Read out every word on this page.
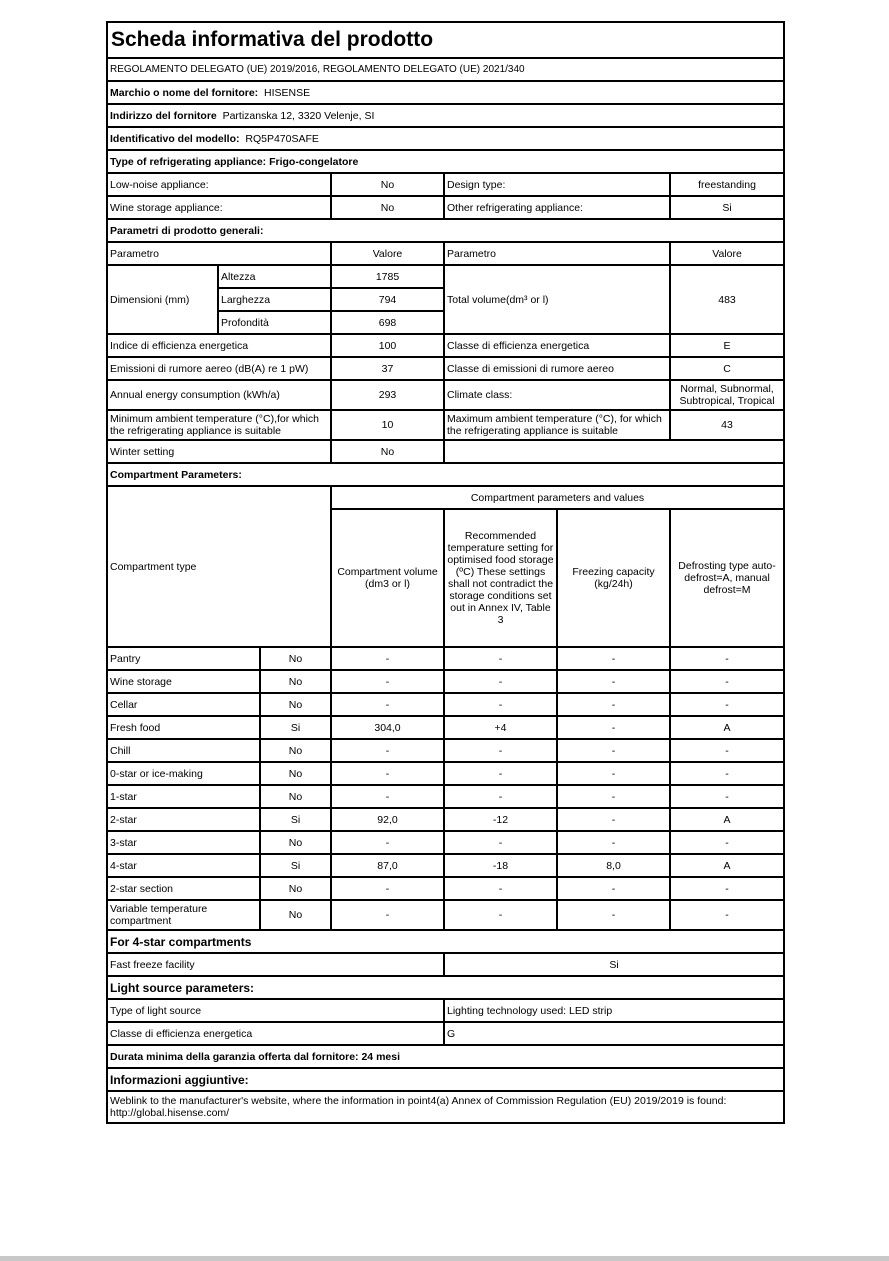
Scheda informativa del prodotto						
REGOLAMENTO DELEGATO (UE) 2019/2016, REGOLAMENTO DELEGATO (UE) 2021/340						
Marchio o nome del fornitore: HISENSE						
Indirizzo del fornitore Partizanska 12, 3320 Velenje, SI						
Identificativo del modello: RQ5P470SAFE						
Type of refrigerating appliance: Frigo-congelatore						
Low-noise appliance:			No	Design type:		freestanding
Wine storage appliance:			No	Other refrigerating appliance:		Si
Parametri di prodotto generali:						
Parametro			Valore	Parametro		Valore
Dimensioni (mm)	Altezza		1785	Total volume(dm³ or l)		483
	Larghezza		794			
	Profondità		698			
Indice di efficienza energetica			100	Classe di efficienza energetica		E
Emissioni di rumore aereo (dB(A) re 1 pW)			37	Classe di emissioni di rumore aereo		C
Annual energy consumption (kWh/a)			293	Climate class:		Normal, Subnormal, Subtropical, Tropical
Minimum ambient temperature (°C),for which the refrigerating appliance is suitable			10	Maximum ambient temperature (°C), for which the refrigerating appliance is suitable		43
Winter setting			No			
Compartment Parameters:						
Compartment type			Compartment parameters and values			
			Compartment volume (dm3 or l)	Recommended temperature setting for optimised food storage (ºC) These settings shall not contradict the storage conditions set out in Annex IV, Table 3	Freezing capacity (kg/24h)	Defrosting type auto-defrost=A, manual defrost=M
Pantry		No	-	-	-	-
Wine storage		No	-	-	-	-
Cellar		No	-	-	-	-
Fresh food		Si	304,0	+4	-	A
Chill		No	-	-	-	-
0-star or ice-making		No	-	-	-	-
1-star		No	-	-	-	-
2-star		Si	92,0	-12	-	A
3-star		No	-	-	-	-
4-star		Si	87,0	-18	8,0	A
2-star section		No	-	-	-	-
Variable temperature compartment		No	-	-	-	-
For 4-star compartments						
Fast freeze facility				Si		
Light source parameters:						
Type of light source				Lighting technology used: LED strip		
Classe di efficienza energetica				G		
Durata minima della garanzia offerta dal fornitore: 24 mesi						
Informazioni aggiuntive:						
Weblink to the manufacturer's website, where the information in point4(a) Annex of Commission Regulation (EU) 2019/2019 is found: http://global.hisense.com/						
